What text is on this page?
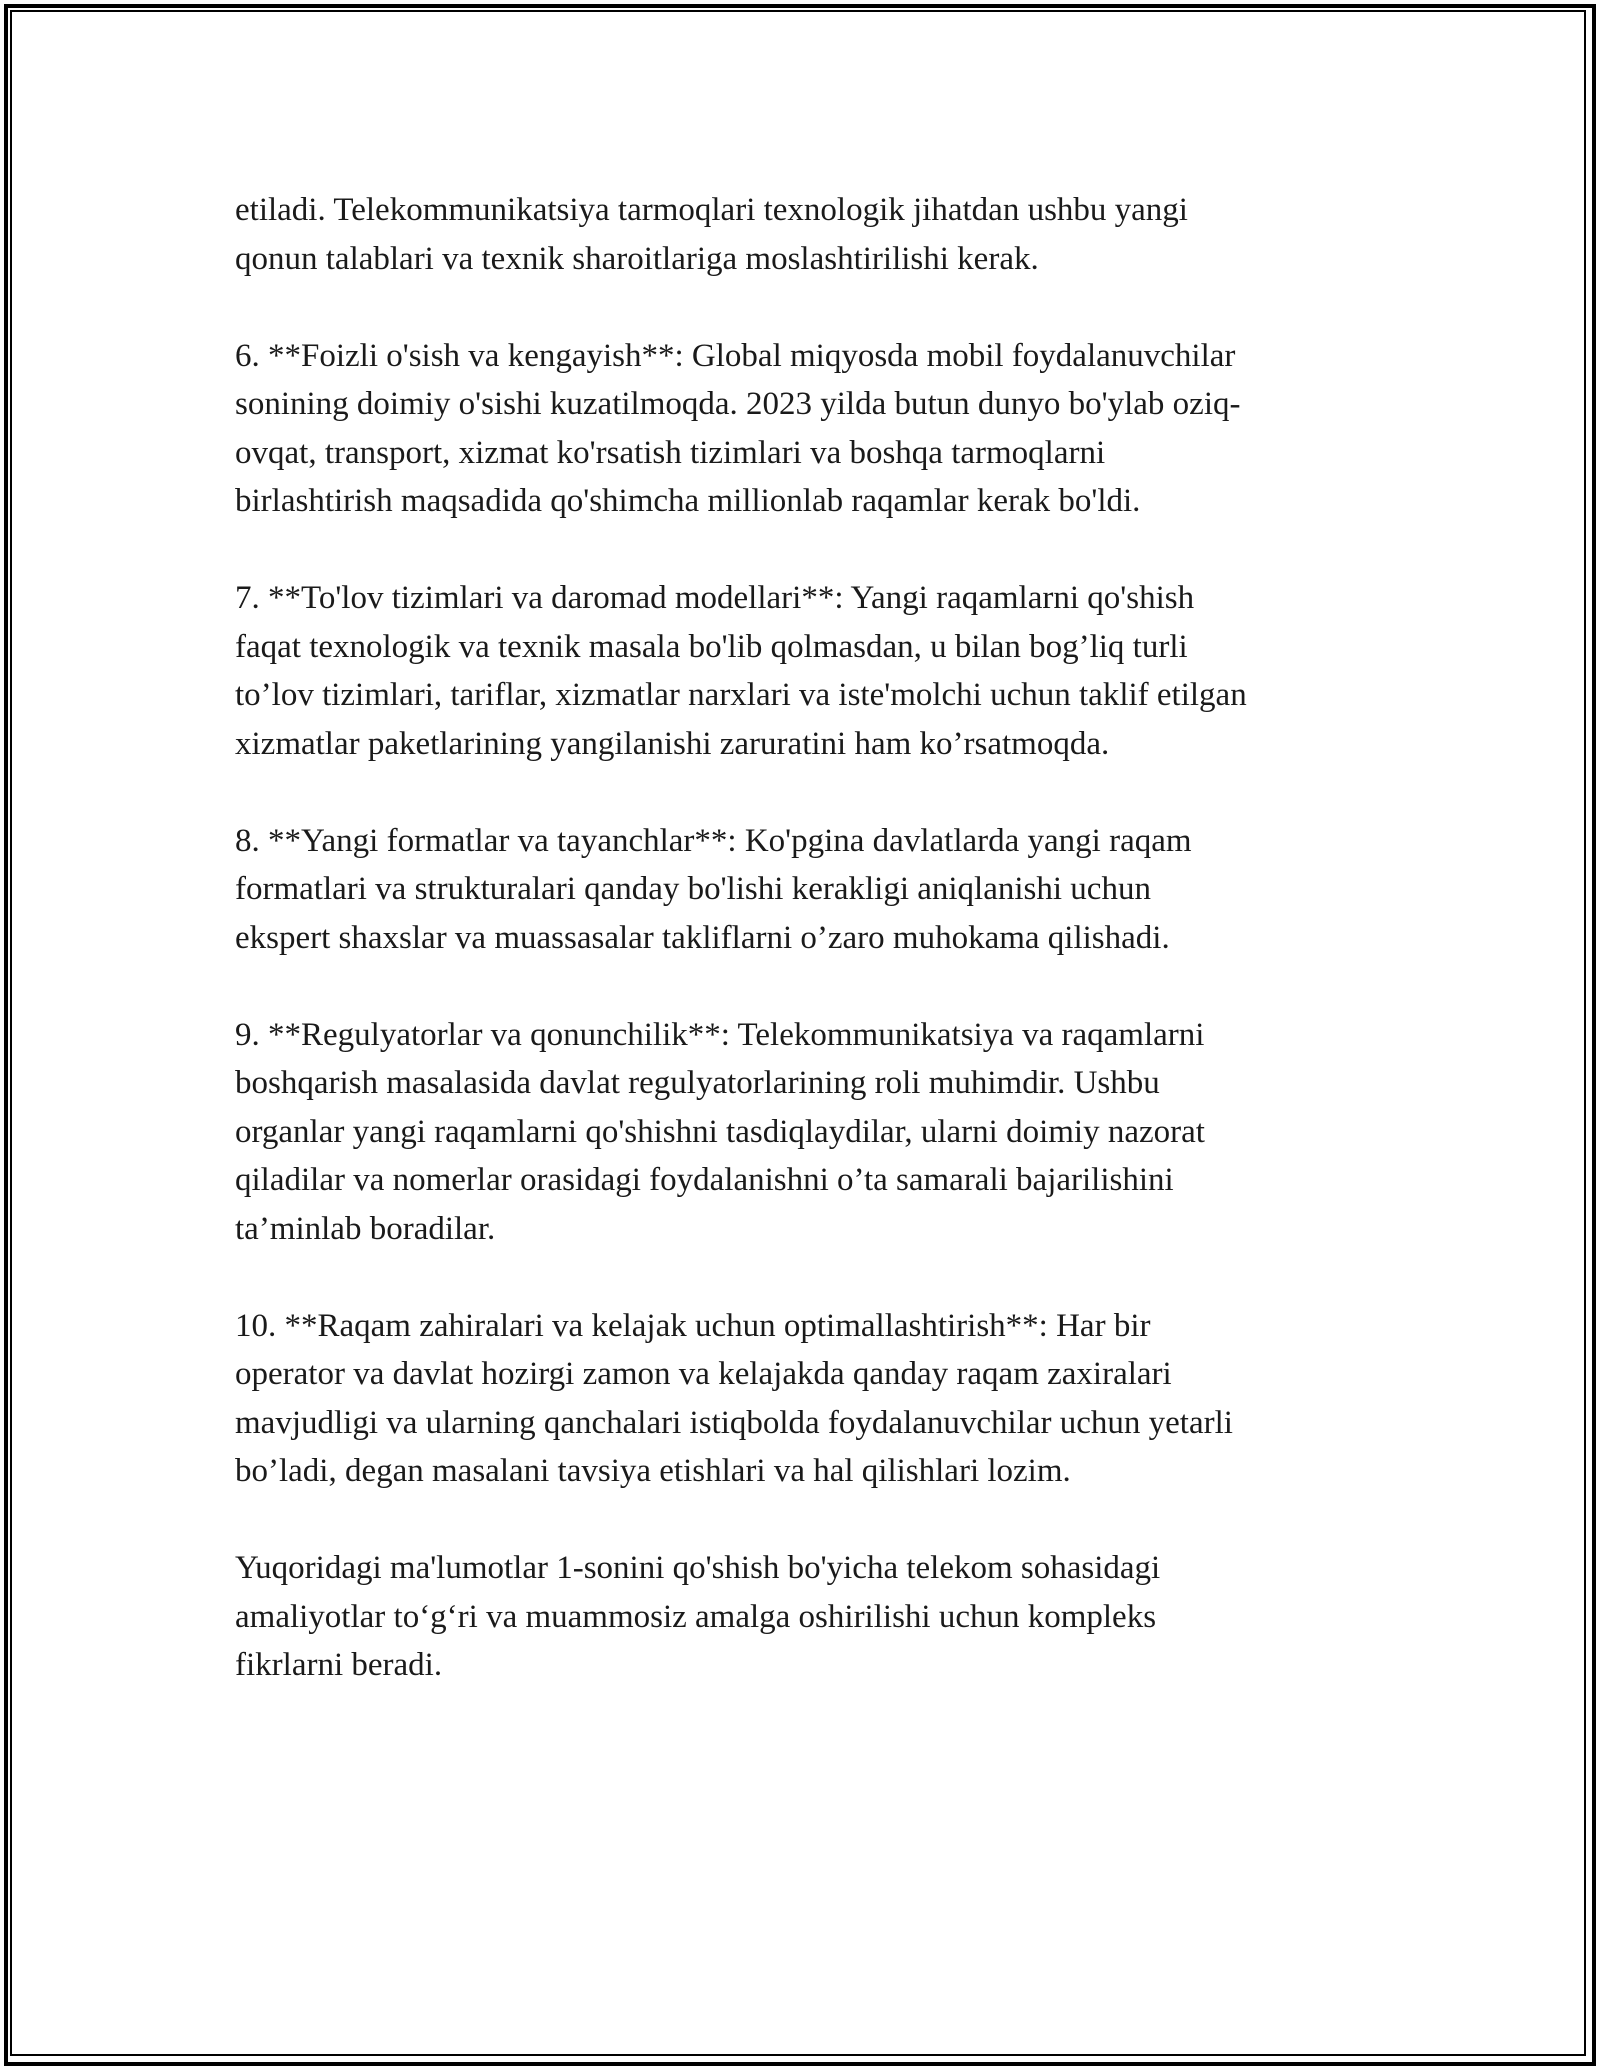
etiladi. Telekommunikatsiya tarmoqlari texnologik jihatdan ushbu yangi
qonun talablari va texnik sharoitlariga moslashtirilishi kerak.

6. **Foizli o'sish va kengayish**: Global miqyosda mobil foydalanuvchilar
sonining doimiy o'sishi kuzatilmoqda. 2023 yilda butun dunyo bo'ylab oziq-
ovqat, transport, xizmat ko'rsatish tizimlari va boshqa tarmoqlarni
birlashtirish maqsadida qo'shimcha millionlab raqamlar kerak bo'ldi.

7. **To'lov tizimlari va daromad modellari**: Yangi raqamlarni qo'shish
faqat texnologik va texnik masala bo'lib qolmasdan, u bilan bog’liq turli
to’lov tizimlari, tariflar, xizmatlar narxlari va iste'molchi uchun taklif etilgan
xizmatlar paketlarining yangilanishi zaruratini ham ko’rsatmoqda.

8. **Yangi formatlar va tayanchlar**: Ko'pgina davlatlarda yangi raqam
formatlari va strukturalari qanday bo'lishi kerakligi aniqlanishi uchun
ekspert shaxslar va muassasalar takliflarni o’zaro muhokama qilishadi.

9. **Regulyatorlar va qonunchilik**: Telekommunikatsiya va raqamlarni
boshqarish masalasida davlat regulyatorlarining roli muhimdir. Ushbu
organlar yangi raqamlarni qo'shishni tasdiqlaydilar, ularni doimiy nazorat
qiladilar va nomerlar orasidagi foydalanishni o’ta samarali bajarilishini
ta’minlab boradilar.

10. **Raqam zahiralari va kelajak uchun optimallashtirish**: Har bir
operator va davlat hozirgi zamon va kelajakda qanday raqam zaxiralari
mavjudligi va ularning qanchalari istiqbolda foydalanuvchilar uchun yetarli
bo’ladi, degan masalani tavsiya etishlari va hal qilishlari lozim.

Yuqoridagi ma'lumotlar 1-sonini qo'shish bo'yicha telekom sohasidagi
amaliyotlar to‘g‘ri va muammosiz amalga oshirilishi uchun kompleks
fikrlarni beradi.
